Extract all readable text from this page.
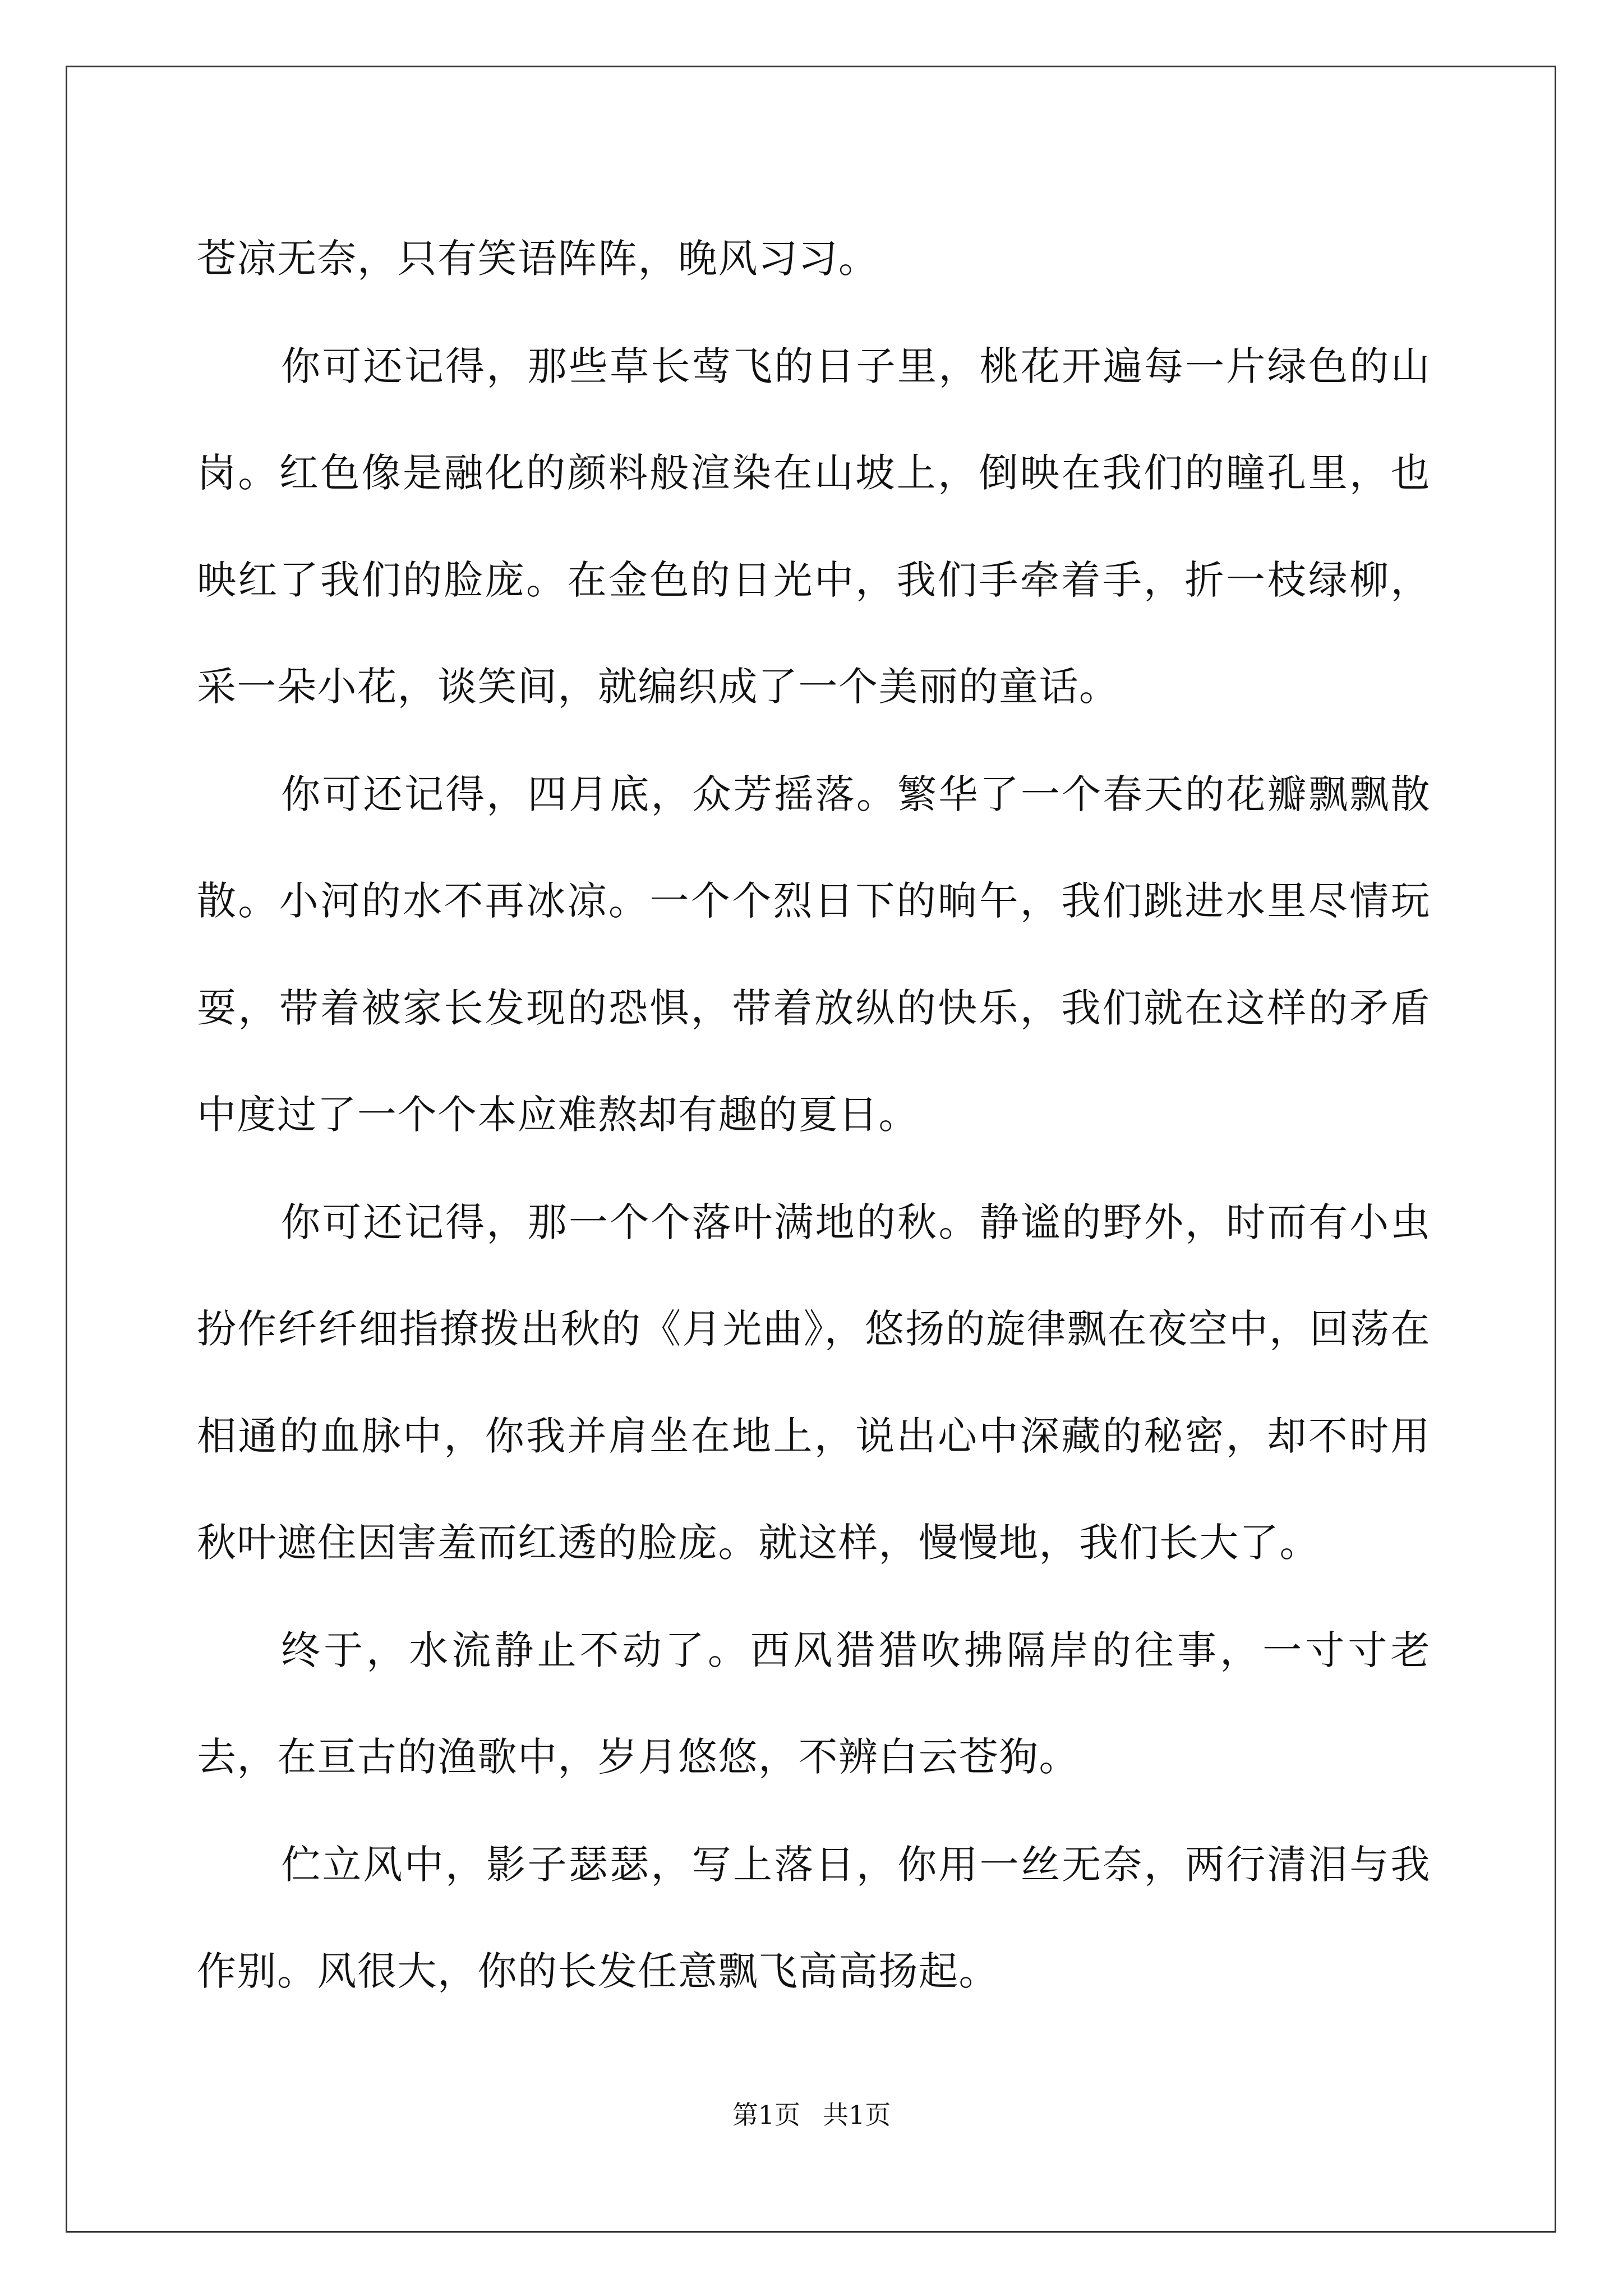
苍凉无奈，只有笑语阵阵，晚风习习。

你可还记得，那些草长莺飞的日子里，桃花开遍每一片绿色的山岗。红色像是融化的颜料般渲染在山坡上，倒映在我们的瞳孔里，也映红了我们的脸庞。在金色的日光中，我们手牵着手，折一枝绿柳，采一朵小花，谈笑间，就编织成了一个美丽的童话。

你可还记得，四月底，众芳摇落。繁华了一个春天的花瓣飘飘散散。小河的水不再冰凉。一个个烈日下的晌午，我们跳进水里尽情玩耍，带着被家长发现的恐惧，带着放纵的快乐，我们就在这样的矛盾中度过了一个个本应难熬却有趣的夏日。

你可还记得，那一个个落叶满地的秋。静谧的野外，时而有小虫扮作纤纤细指撩拨出秋的《月光曲》，悠扬的旋律飘在夜空中，回荡在相通的血脉中，你我并肩坐在地上，说出心中深藏的秘密，却不时用秋叶遮住因害羞而红透的脸庞。就这样，慢慢地，我们长大了。

终于，水流静止不动了。西风猎猎吹拂隔岸的往事，一寸寸老去，在亘古的渔歌中，岁月悠悠，不辨白云苍狗。

伫立风中，影子瑟瑟，写上落日，你用一丝无奈，两行清泪与我作别。风很大，你的长发任意飘飞高高扬起。

第1页 共1页
